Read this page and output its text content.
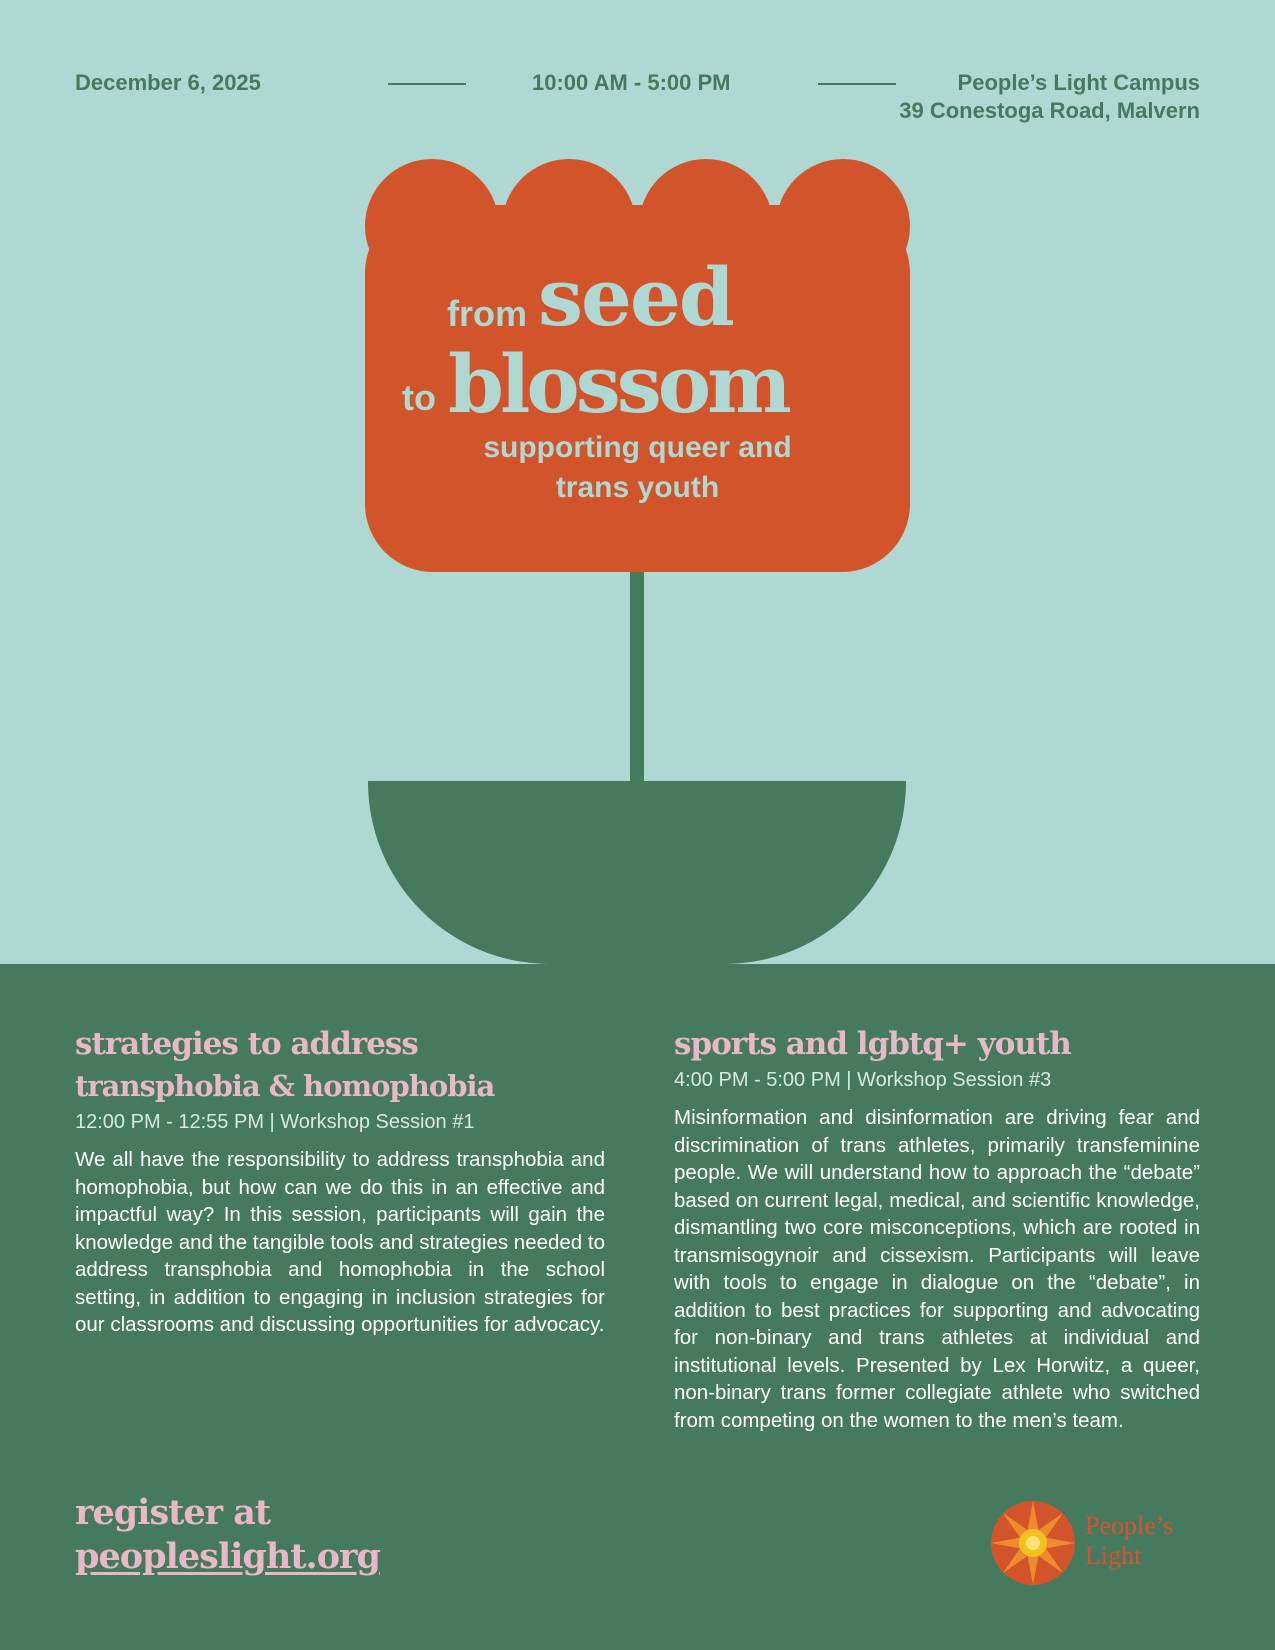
December 6, 2025	10:00 AM - 5:00 PM	People’s Light Campus
39 Conestoga Road, Malvern
from seed
to blossom
supporting queer and
trans youth
strategies to address
transphobia & homophobia
12:00 PM - 12:55 PM | Workshop Session #1

We all have the responsibility to address transphobia and homophobia, but how can we do this in an effective and impactful way? In this session, participants will gain the knowledge and the tangible tools and strategies needed to address transphobia and homophobia in the school setting, in addition to engaging in inclusion strategies for our classrooms and discussing opportunities for advocacy.

sports and lgbtq+ youth
4:00 PM - 5:00 PM | Workshop Session #3

Misinformation and disinformation are driving fear and discrimination of trans athletes, primarily transfeminine people. We will understand how to approach the “debate” based on current legal, medical, and scientific knowledge, dismantling two core misconceptions, which are rooted in transmisogynoir and cissexism. Participants will leave with tools to engage in dialogue on the “debate”, in addition to best practices for supporting and advocating for non-binary and trans athletes at individual and institutional levels. Presented by Lex Horwitz, a queer, non-binary trans former collegiate athlete who switched from competing on the women to the men’s team.

register at
peopleslight.org
People’s
Light
